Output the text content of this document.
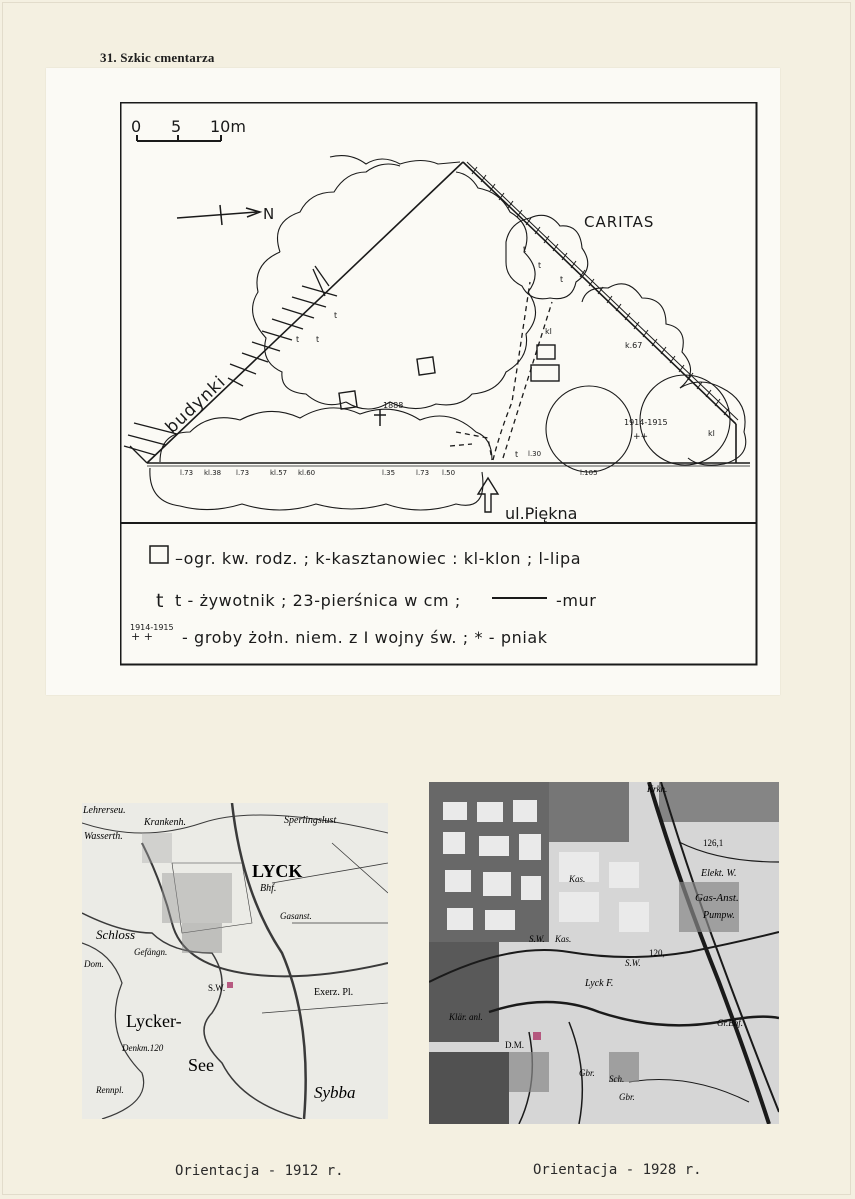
31. Szkic cmentarza
0 5 10m
N	CARITAS
budynki	1888
1914-1915
++
t
t
t
t
t
t
t
kl
k.67
kl
l.73 kl.38 l.73	kl.57 kl.60	l.35	l.73 l.50
l.30
l.105
ul.Piękna
t
1914-1915
+ +
–ogr. kw. rodz. ; k-kasztanowiec : kl-klon ; l-lipa
t - żywotnik ; 23-pierśnica w cm ;	-mur
- groby żołn. niem. z I wojny św. ; * - pniak
Lehrerseu.
Wasserth.
Krankenh.	Sperlingslust
LYCK
Bhf.
Gasanst.
Schloss
Gefängn.
Dom.
S.W.	Exerz. Pl.
Lycker-
See
Denkm.120
Rennpl.	Sybba
Krkh.
126,1
Elekt. W.
Gas-Anst.
Pumpw.
Kas.
S.W. Kas.
120,
Lyck F.
S.W.
Klär. anl.
D.M.
Gbr.
Sch.
Gbr.
Gr.Bhf.
Orientacja - 1912 r.	Orientacja - 1928 r.
